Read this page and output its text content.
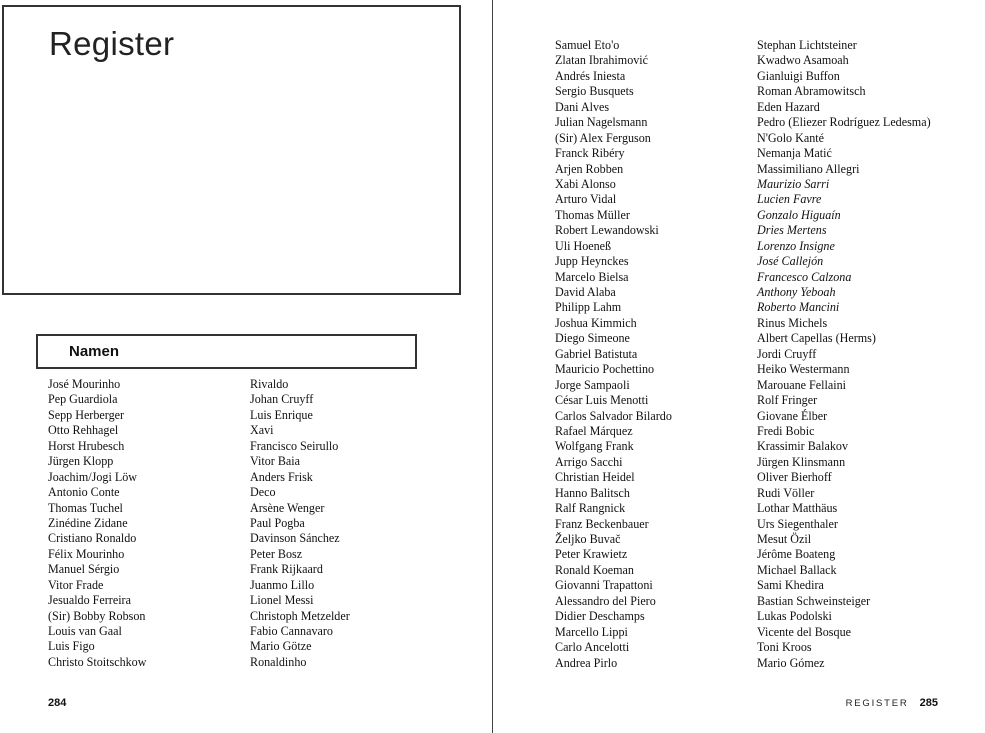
Register
Namen
José Mourinho
Pep Guardiola
Sepp Herberger
Otto Rehhagel
Horst Hrubesch
Jürgen Klopp
Joachim/Jogi Löw
Antonio Conte
Thomas Tuchel
Zinédine Zidane
Cristiano Ronaldo
Félix Mourinho
Manuel Sérgio
Vitor Frade
Jesualdo Ferreira
(Sir) Bobby Robson
Louis van Gaal
Luis Figo
Christo Stoitschkow
Rivaldo
Johan Cruyff
Luis Enrique
Xavi
Francisco Seirullo
Vitor Baia
Anders Frisk
Deco
Arsène Wenger
Paul Pogba
Davinson Sánchez
Peter Bosz
Frank Rijkaard
Juanmo Lillo
Lionel Messi
Christoph Metzelder
Fabio Cannavaro
Mario Götze
Ronaldinho
Samuel Eto'o
Zlatan Ibrahimović
Andrés Iniesta
Sergio Busquets
Dani Alves
Julian Nagelsmann
(Sir) Alex Ferguson
Franck Ribéry
Arjen Robben
Xabi Alonso
Arturo Vidal
Thomas Müller
Robert Lewandowski
Uli Hoeneß
Jupp Heynckes
Marcelo Bielsa
David Alaba
Philipp Lahm
Joshua Kimmich
Diego Simeone
Gabriel Batistuta
Mauricio Pochettino
Jorge Sampaoli
César Luis Menotti
Carlos Salvador Bilardo
Rafael Márquez
Wolfgang Frank
Arrigo Sacchi
Christian Heidel
Hanno Balitsch
Ralf Rangnick
Franz Beckenbauer
Željko Buvač
Peter Krawietz
Ronald Koeman
Giovanni Trapattoni
Alessandro del Piero
Didier Deschamps
Marcello Lippi
Carlo Ancelotti
Andrea Pirlo
Stephan Lichtsteiner
Kwadwo Asamoah
Gianluigi Buffon
Roman Abramowitsch
Eden Hazard
Pedro (Eliezer Rodríguez Ledesma)
N'Golo Kanté
Nemanja Matić
Massimiliano Allegri
Maurizio Sarri
Lucien Favre
Gonzalo Higuaín
Dries Mertens
Lorenzo Insigne
José Callejón
Francesco Calzona
Anthony Yeboah
Roberto Mancini
Rinus Michels
Albert Capellas (Herms)
Jordi Cruyff
Heiko Westermann
Marouane Fellaini
Rolf Fringer
Giovane Élber
Fredi Bobic
Krassimir Balakov
Jürgen Klinsmann
Oliver Bierhoff
Rudi Völler
Lothar Matthäus
Urs Siegenthaler
Mesut Özil
Jérôme Boateng
Michael Ballack
Sami Khedira
Bastian Schweinsteiger
Lukas Podolski
Vicente del Bosque
Toni Kroos
Mario Gómez
284	REGISTER 285
